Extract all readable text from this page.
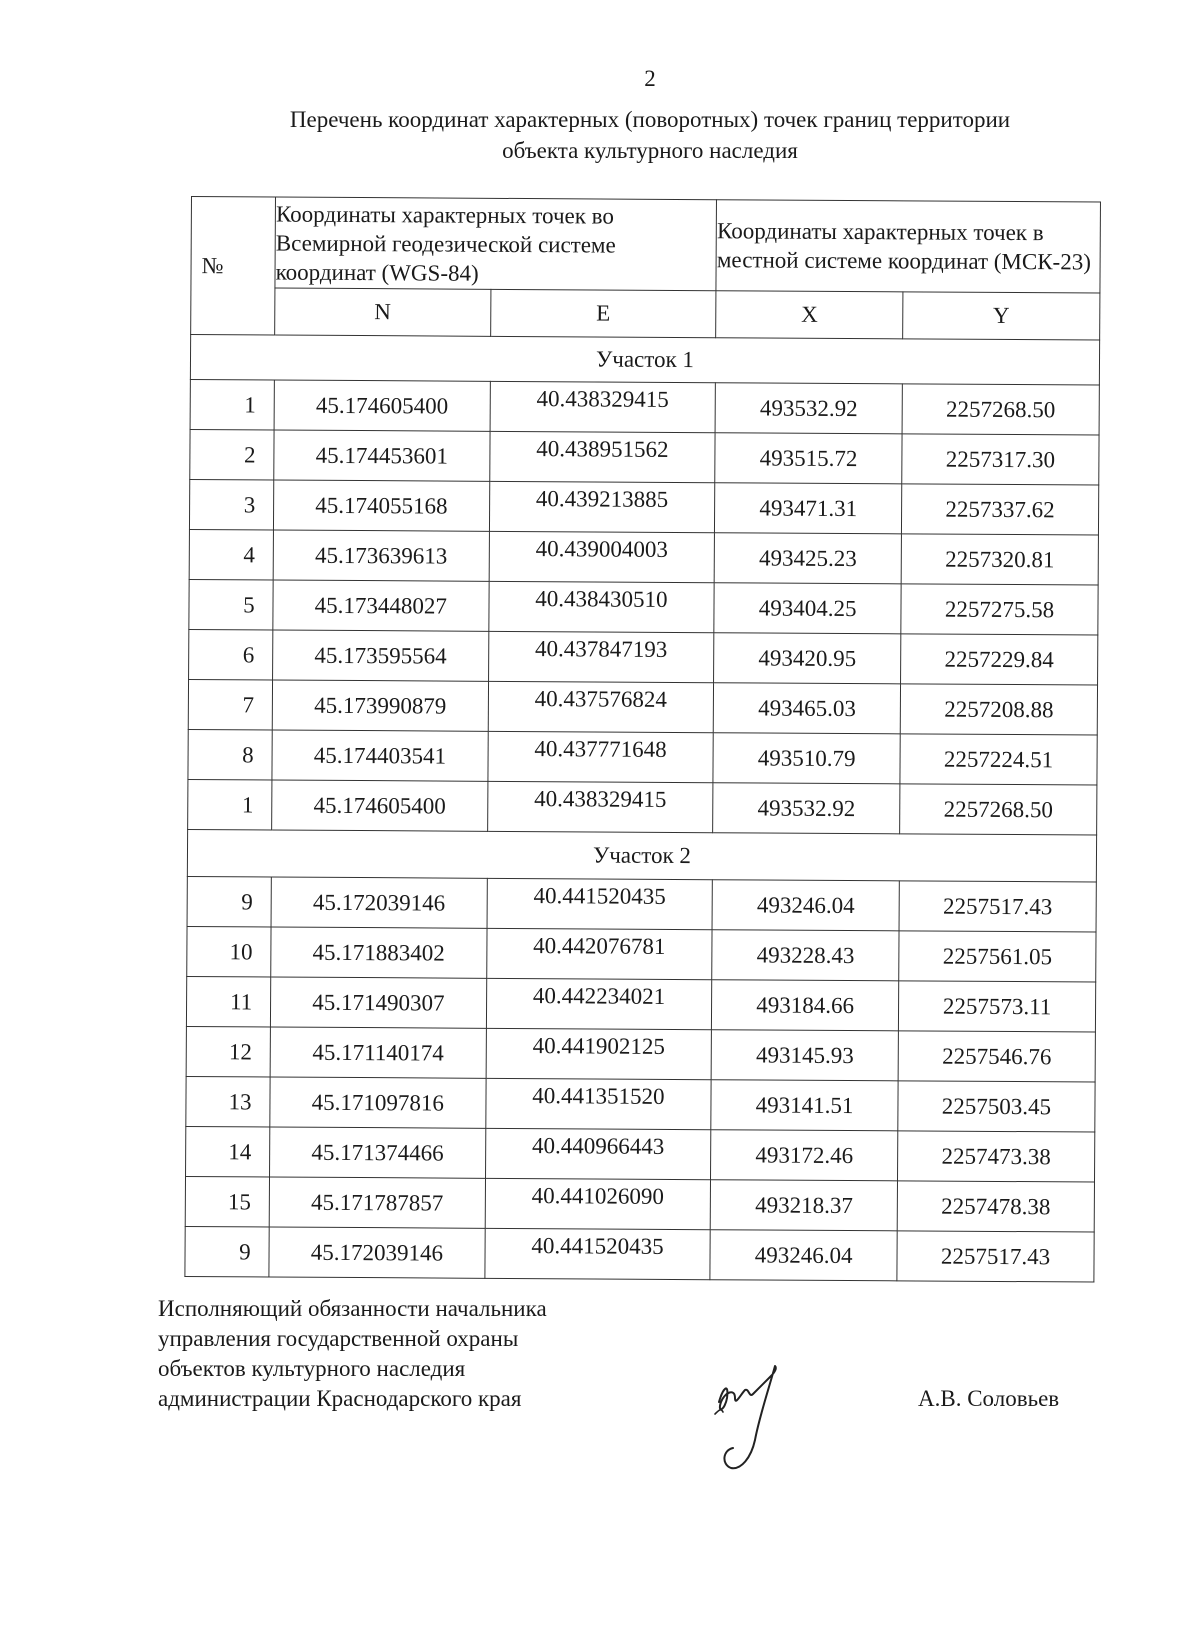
2
Перечень координат характерных (поворотных) точек границ территории
объекта культурного наследия
№	Координаты характерных точек во Всемирной геодезической системе координат (WGS-84)		Координаты характерных точек в местной системе координат (МСК-23)	
	N	E	X	Y
Участок 1				
1	45.174605400	40.438329415	493532.92	2257268.50
2	45.174453601	40.438951562	493515.72	2257317.30
3	45.174055168	40.439213885	493471.31	2257337.62
4	45.173639613	40.439004003	493425.23	2257320.81
5	45.173448027	40.438430510	493404.25	2257275.58
6	45.173595564	40.437847193	493420.95	2257229.84
7	45.173990879	40.437576824	493465.03	2257208.88
8	45.174403541	40.437771648	493510.79	2257224.51
1	45.174605400	40.438329415	493532.92	2257268.50
Участок 2				
9	45.172039146	40.441520435	493246.04	2257517.43
10	45.171883402	40.442076781	493228.43	2257561.05
11	45.171490307	40.442234021	493184.66	2257573.11
12	45.171140174	40.441902125	493145.93	2257546.76
13	45.171097816	40.441351520	493141.51	2257503.45
14	45.171374466	40.440966443	493172.46	2257473.38
15	45.171787857	40.441026090	493218.37	2257478.38
9	45.172039146	40.441520435	493246.04	2257517.43
Исполняющий обязанности начальника
управления государственной охраны
объектов культурного наследия
администрации Краснодарского края	А.В. Соловьев
